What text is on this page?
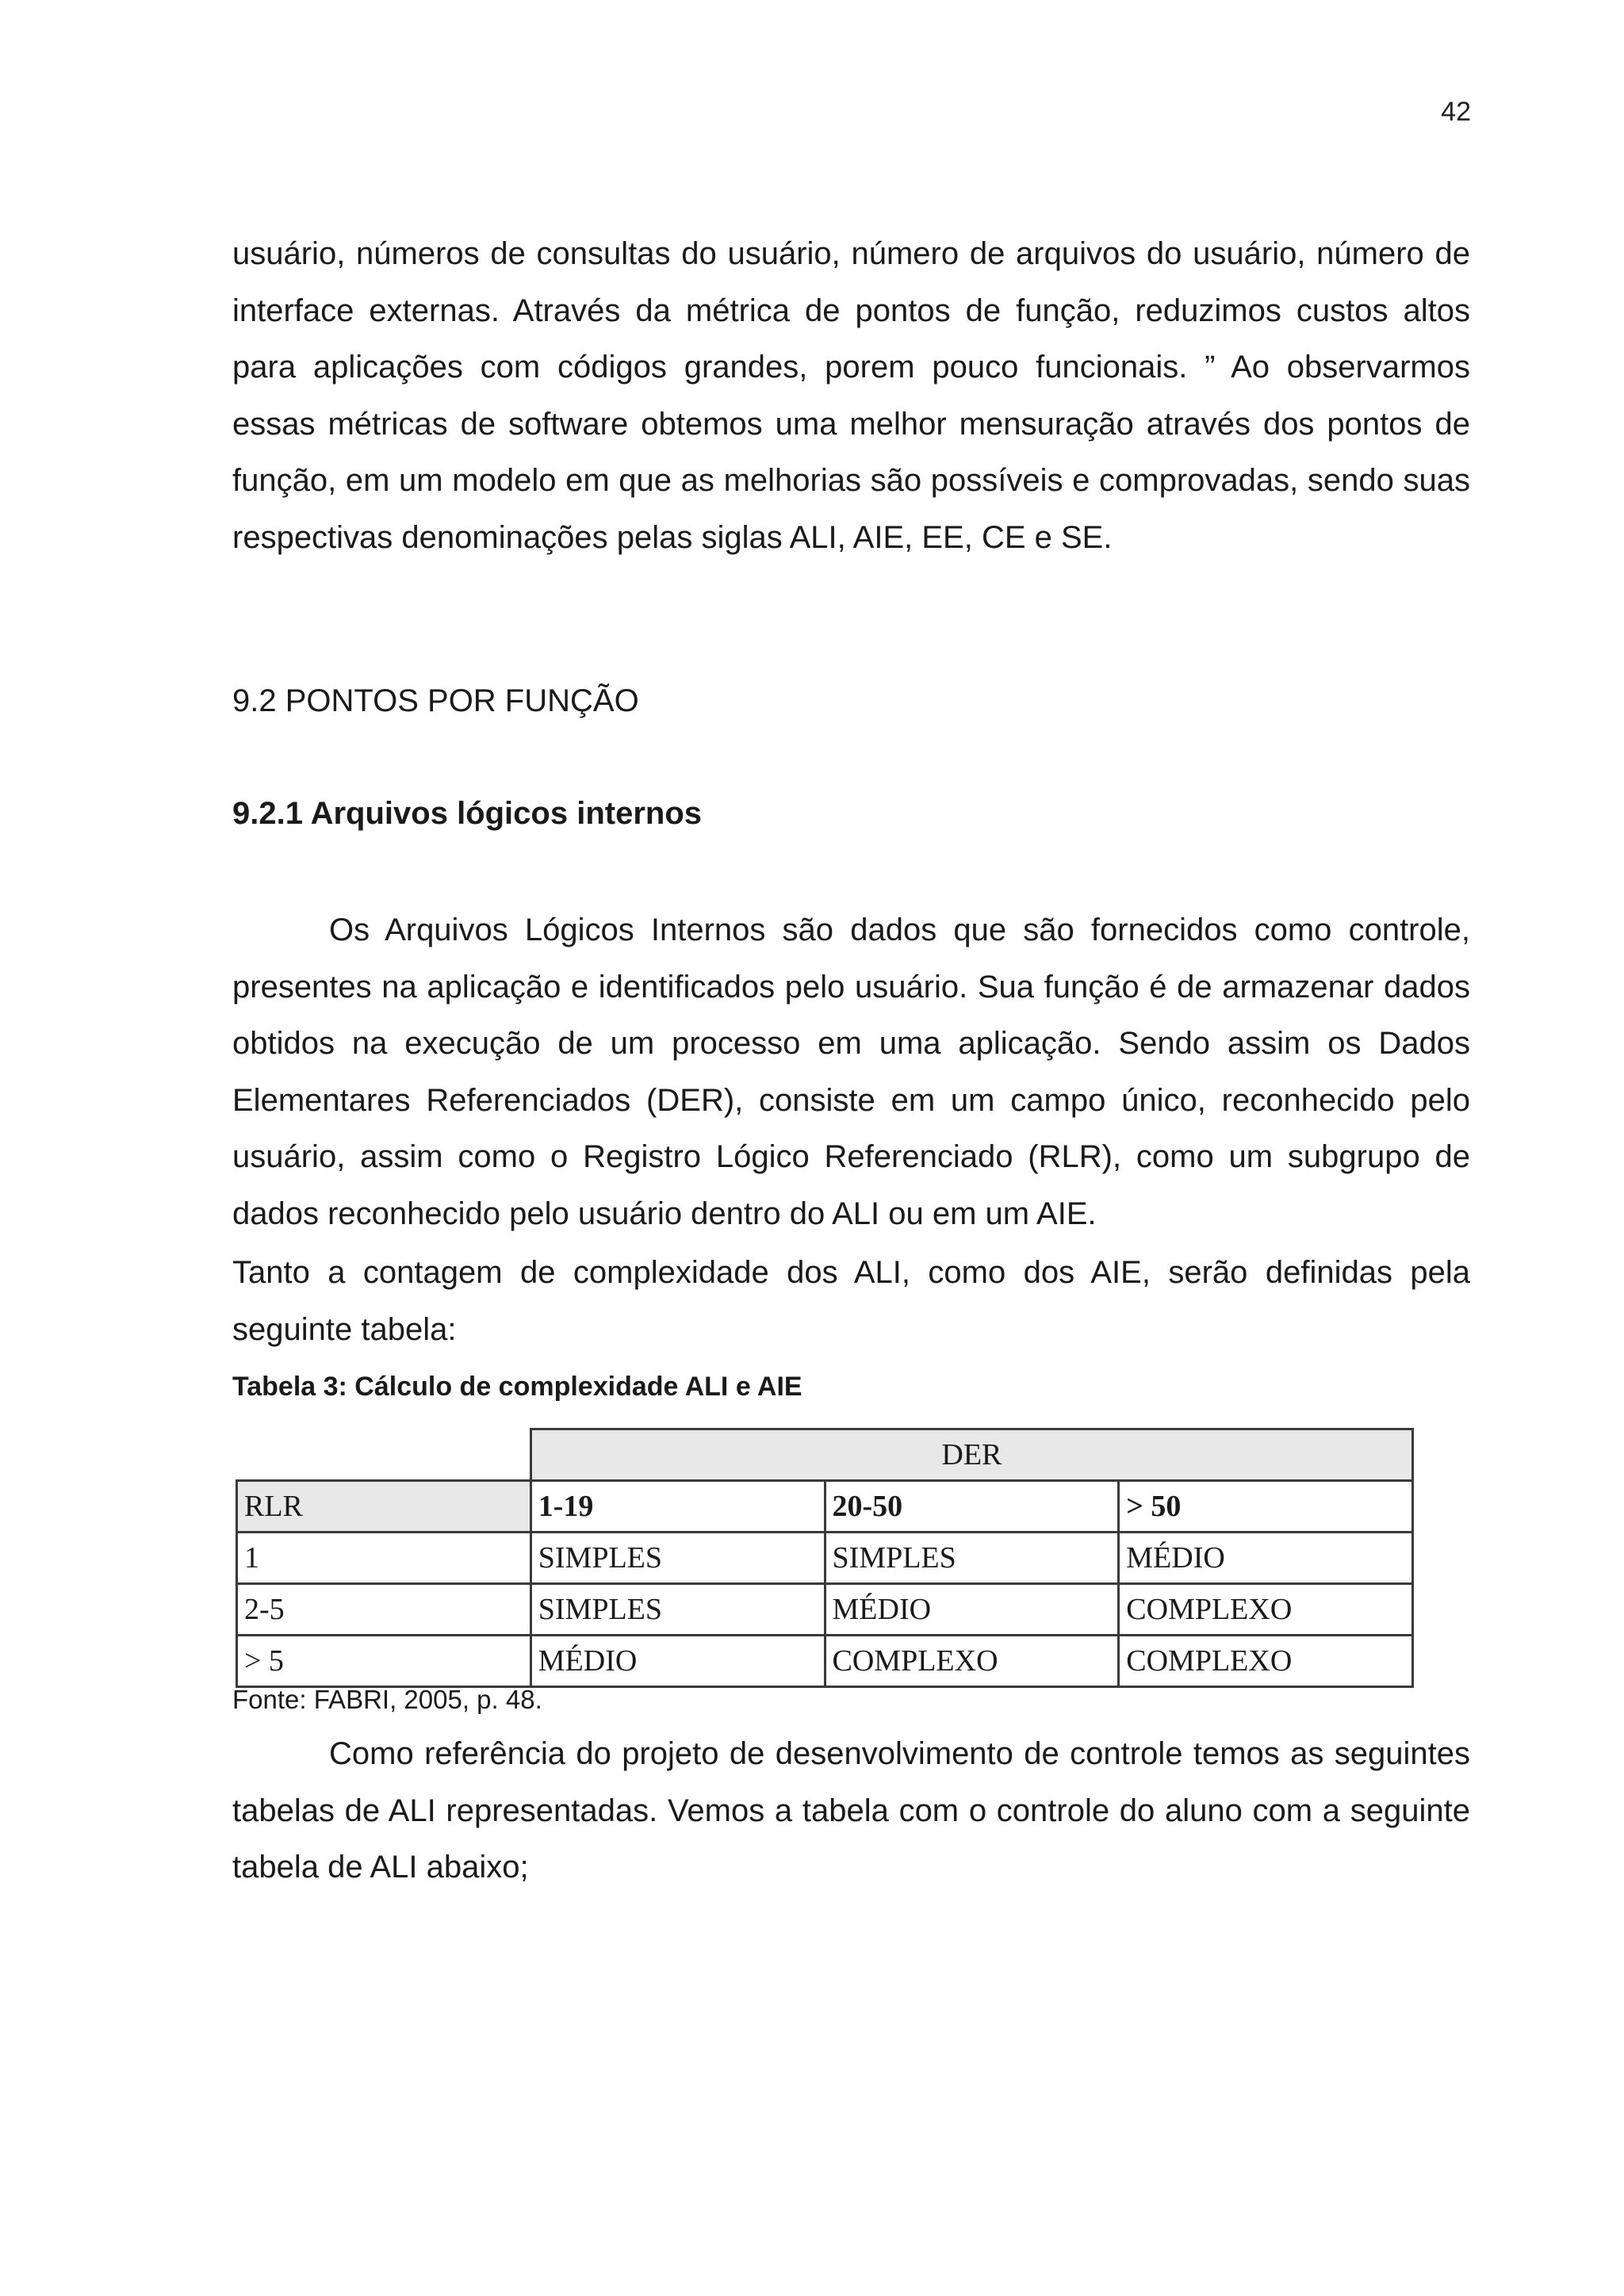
42

usuário, números de consultas do usuário, número de arquivos do usuário, número de interface externas. Através da métrica de pontos de função, reduzimos custos altos para aplicações com códigos grandes, porem pouco funcionais. ” Ao observarmos essas métricas de software obtemos uma melhor mensuração através dos pontos de função, em um modelo em que as melhorias são possíveis e comprovadas, sendo suas respectivas denominações pelas siglas ALI, AIE, EE, CE e SE.

9.2 PONTOS POR FUNÇÃO
9.2.1 Arquivos lógicos internos

Os Arquivos Lógicos Internos são dados que são fornecidos como controle, presentes na aplicação e identificados pelo usuário. Sua função é de armazenar dados obtidos na execução de um processo em uma aplicação. Sendo assim os Dados Elementares Referenciados (DER), consiste em um campo único, reconhecido pelo usuário, assim como o Registro Lógico Referenciado (RLR), como um subgrupo de dados reconhecido pelo usuário dentro do ALI ou em um AIE.

Tanto a contagem de complexidade dos ALI, como dos AIE, serão definidas pela seguinte tabela:

Tabela 3: Cálculo de complexidade ALI e AIE
	DER		
RLR	1-19	20-50	> 50
1	SIMPLES	SIMPLES	MÉDIO
2-5	SIMPLES	MÉDIO	COMPLEXO
> 5	MÉDIO	COMPLEXO	COMPLEXO
Fonte: FABRI, 2005, p. 48.

Como referência do projeto de desenvolvimento de controle temos as seguintes tabelas de ALI representadas. Vemos a tabela com o controle do aluno com a seguinte tabela de ALI abaixo;
